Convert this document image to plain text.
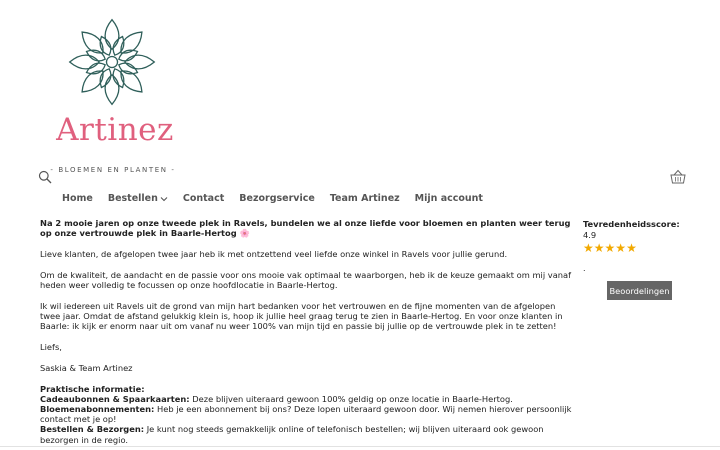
Artinez
- BLOEMEN EN PLANTEN -
Home Bestellen	Contact Bezorgservice Team Artinez Mijn account

Na 2 mooie jaren op onze tweede plek in Ravels, bundelen we al onze liefde voor bloemen en planten weer terug op onze vertrouwde plek in Baarle-Hertog 🌸

Lieve klanten, de afgelopen twee jaar heb ik met ontzettend veel liefde onze winkel in Ravels voor jullie gerund.

Om de kwaliteit, de aandacht en de passie voor ons mooie vak optimaal te waarborgen, heb ik de keuze gemaakt om mij vanaf heden weer volledig te focussen op onze hoofdlocatie in Baarle-Hertog.

Ik wil iedereen uit Ravels uit de grond van mijn hart bedanken voor het vertrouwen en de fijne momenten van de afgelopen twee jaar. Omdat de afstand gelukkig klein is, hoop ik jullie heel graag terug te zien in Baarle-Hertog. En voor onze klanten in Baarle: ik kijk er enorm naar uit om vanaf nu weer 100% van mijn tijd en passie bij jullie op de vertrouwde plek in te zetten!

Liefs,

Saskia & Team Artinez

Praktische informatie:
Cadeaubonnen & Spaarkaarten: Deze blijven uiteraard gewoon 100% geldig op onze locatie in Baarle-Hertog.
Bloemenabonnementen: Heb je een abonnement bij ons? Deze lopen uiteraard gewoon door. Wij nemen hierover persoonlijk contact met je op!
Bestellen & Bezorgen: Je kunt nog steeds gemakkelijk online of telefonisch bestellen; wij blijven uiteraard ook gewoon bezorgen in de regio.
Tevredenheidsscore:
4.9
★ ★ ★ ★ ★
.
Beoordelingen
